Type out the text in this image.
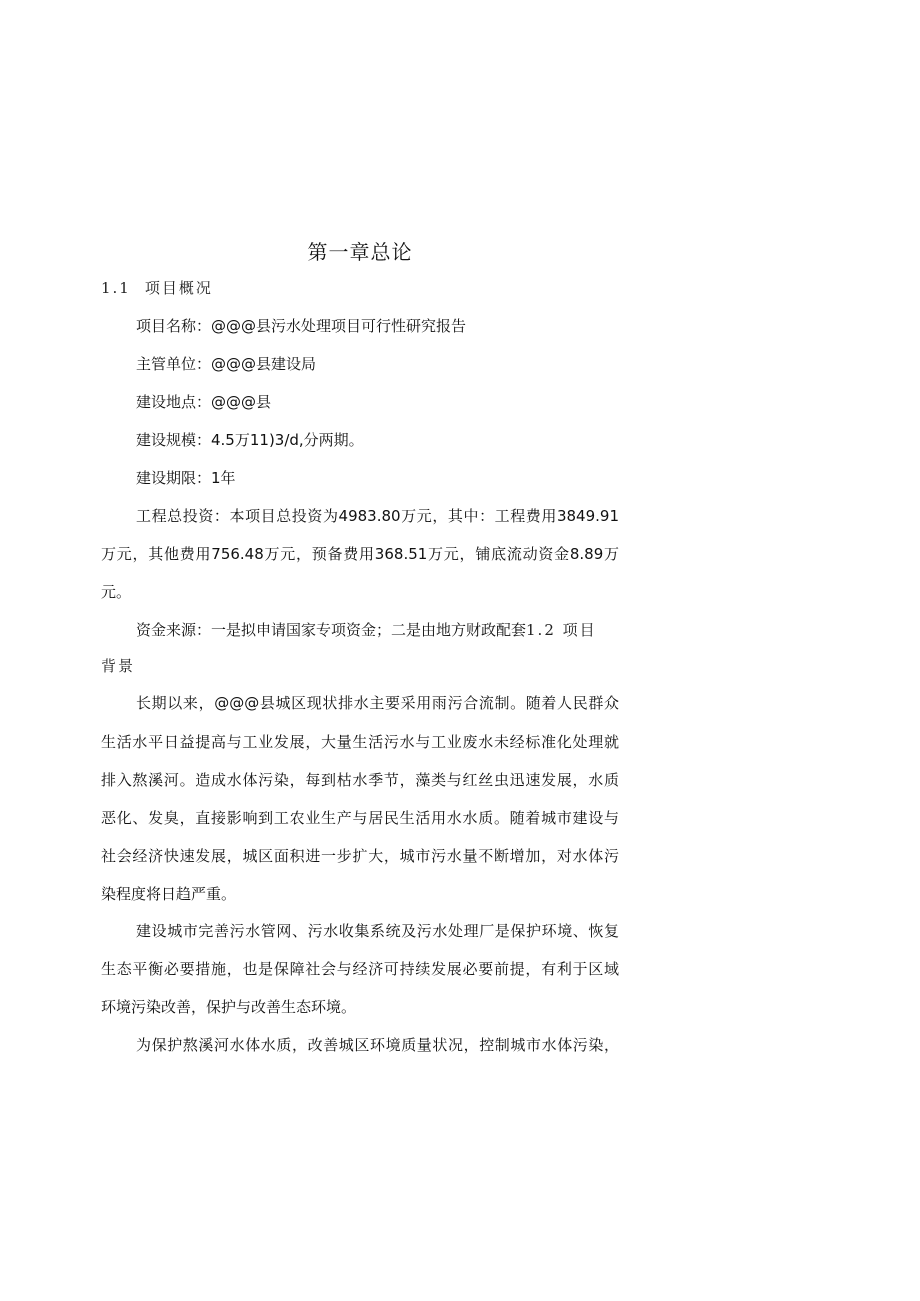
第一章总论
1.1 项目概况
项目名称：@@@县污水处理项目可行性研究报告
主管单位：@@@县建设局
建设地点：@@@县
建设规模：4.5万11)3/d,分两期。
建设期限：1年
工程总投资：本项目总投资为4983.80万元，其中：工程费用3849.91
万元，其他费用756.48万元，预备费用368.51万元，铺底流动资金8.89万
元。
资金来源：一是拟申请国家专项资金；二是由地方财政配套1.2 项目
背景
长期以来，@@@县城区现状排水主要采用雨污合流制。随着人民群众
生活水平日益提高与工业发展，大量生活污水与工业废水未经标准化处理就
排入熬溪河。造成水体污染，每到枯水季节，藻类与红丝虫迅速发展，水质
恶化、发臭，直接影响到工农业生产与居民生活用水水质。随着城市建设与
社会经济快速发展，城区面积进一步扩大，城市污水量不断增加，对水体污
染程度将日趋严重。
建设城市完善污水管网、污水收集系统及污水处理厂是保护环境、恢复
生态平衡必要措施，也是保障社会与经济可持续发展必要前提，有利于区域
环境污染改善，保护与改善生态环境。
为保护熬溪河水体水质，改善城区环境质量状况，控制城市水体污染，
